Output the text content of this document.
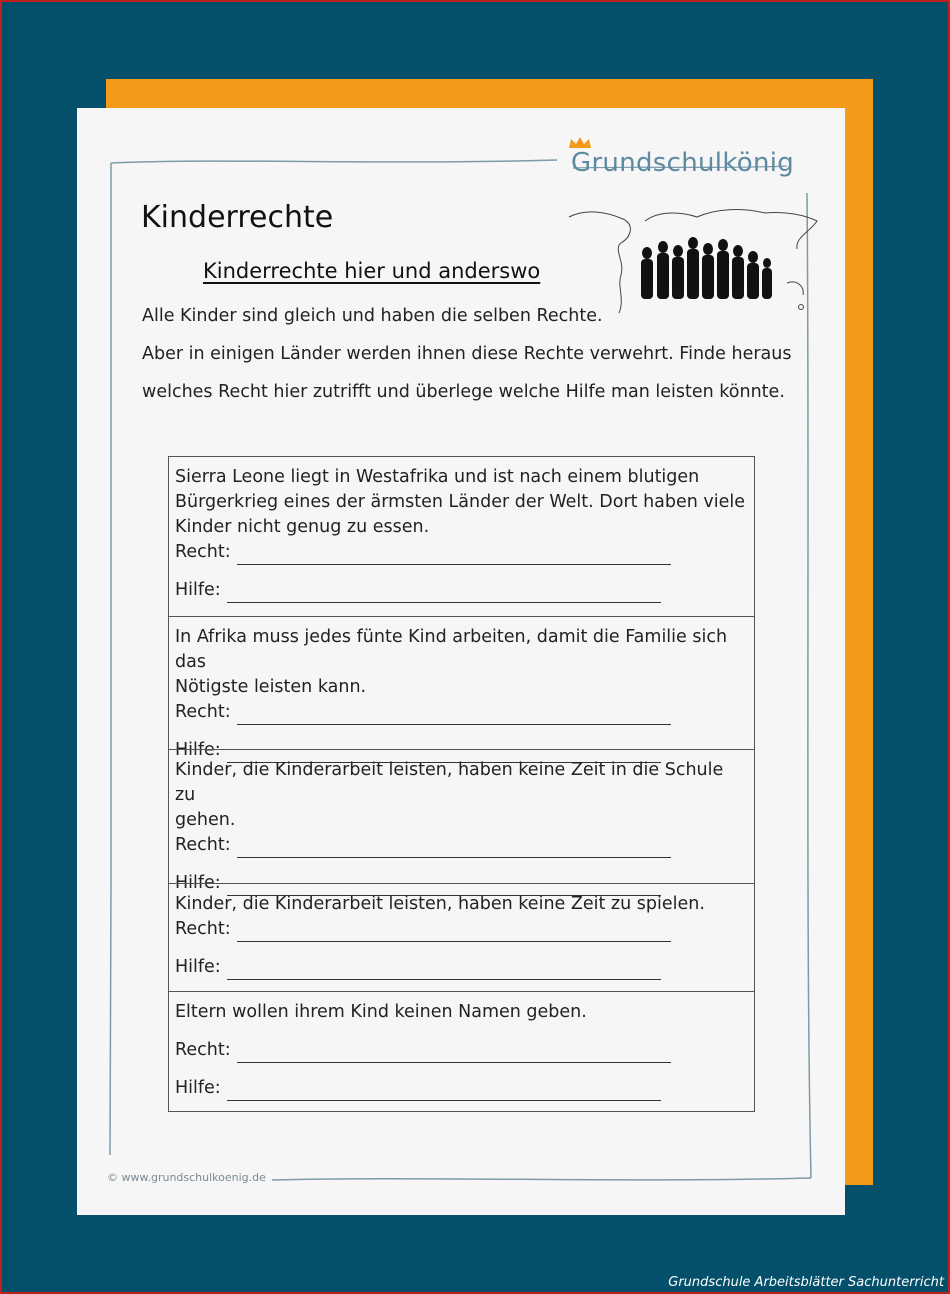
Grundschulkönig
Kinderrechte
Kinderrechte hier und anderswo
Alle Kinder sind gleich und haben die selben Rechte.
Aber in einigen Länder werden ihnen diese Rechte verwehrt. Finde heraus
welches Recht hier zutrifft und überlege welche Hilfe man leisten könnte.
Sierra Leone liegt in Westafrika und ist nach einem blutigen
Bürgerkrieg eines der ärmsten Länder der Welt. Dort haben viele
Kinder nicht genug zu essen.
Recht:
Hilfe:
In Afrika muss jedes fünte Kind arbeiten, damit die Familie sich das
Nötigste leisten kann.
Recht:
Hilfe:
Kinder, die Kinderarbeit leisten, haben keine Zeit in die Schule zu
gehen.
Recht:
Hilfe:
Kinder, die Kinderarbeit leisten, haben keine Zeit zu spielen.
Recht:
Hilfe:
Eltern wollen ihrem Kind keinen Namen geben.
Recht:
Hilfe:
© www.grundschulkoenig.de
Grundschule Arbeitsblätter Sachunterricht
